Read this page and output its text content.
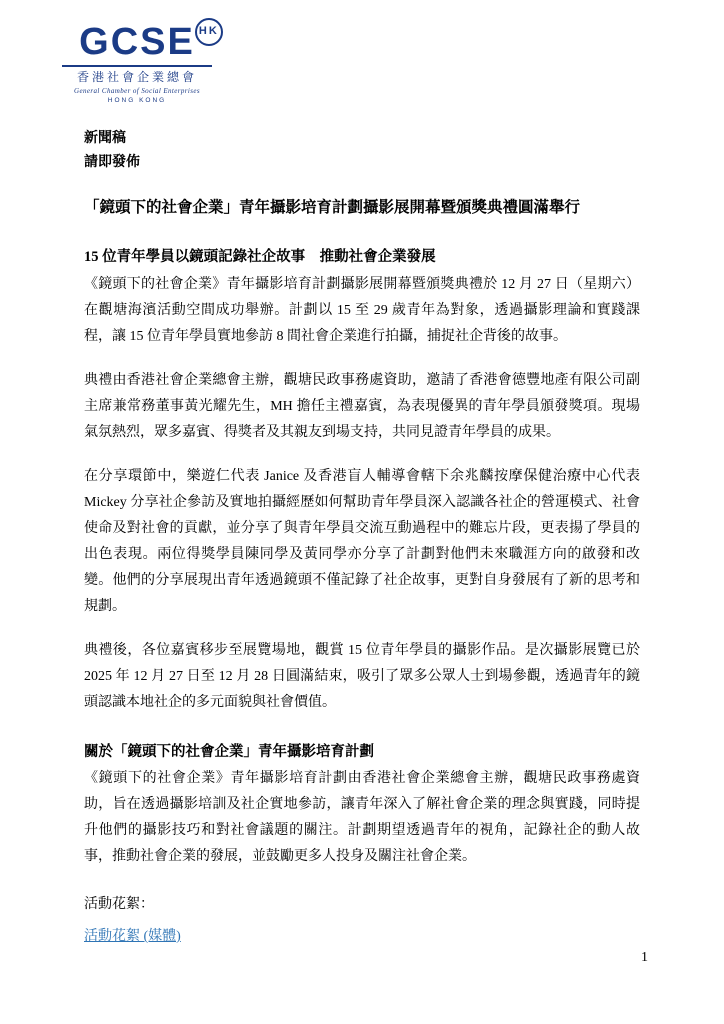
GCSE HK
香港社會企業總會
General Chamber of Social Enterprises
HONG KONG

新聞稿

請即發佈

「鏡頭下的社會企業」青年攝影培育計劃攝影展開幕暨頒獎典禮圓滿舉行

15 位青年學員以鏡頭記錄社企故事　推動社會企業發展

《鏡頭下的社會企業》青年攝影培育計劃攝影展開幕暨頒獎典禮於 12 月 27 日（星期六）在觀塘海濱活動空間成功舉辦。計劃以 15 至 29 歲青年為對象，透過攝影理論和實踐課程，讓 15 位青年學員實地參訪 8 間社會企業進行拍攝，捕捉社企背後的故事。

典禮由香港社會企業總會主辦，觀塘民政事務處資助，邀請了香港會德豐地產有限公司副主席兼常務董事黃光耀先生，MH 擔任主禮嘉賓，為表現優異的青年學員頒發獎項。現場氣氛熱烈，眾多嘉賓、得獎者及其親友到場支持，共同見證青年學員的成果。

在分享環節中，樂遊仁代表 Janice 及香港盲人輔導會轄下余兆麟按摩保健治療中心代表 Mickey 分享社企參訪及實地拍攝經歷如何幫助青年學員深入認識各社企的營運模式、社會使命及對社會的貢獻，並分享了與青年學員交流互動過程中的難忘片段，更表揚了學員的出色表現。兩位得獎學員陳同學及黃同學亦分享了計劃對他們未來職涯方向的啟發和改變。他們的分享展現出青年透過鏡頭不僅記錄了社企故事，更對自身發展有了新的思考和規劃。

典禮後，各位嘉賓移步至展覽場地，觀賞 15 位青年學員的攝影作品。是次攝影展覽已於 2025 年 12 月 27 日至 12 月 28 日圓滿結束，吸引了眾多公眾人士到場參觀，透過青年的鏡頭認識本地社企的多元面貌與社會價值。

關於「鏡頭下的社會企業」青年攝影培育計劃

《鏡頭下的社會企業》青年攝影培育計劃由香港社會企業總會主辦，觀塘民政事務處資助，旨在透過攝影培訓及社企實地參訪，讓青年深入了解社會企業的理念與實踐，同時提升他們的攝影技巧和對社會議題的關注。計劃期望透過青年的視角，記錄社企的動人故事，推動社會企業的發展，並鼓勵更多人投身及關注社會企業。

活動花絮：

活動花絮 (媒體)
1
